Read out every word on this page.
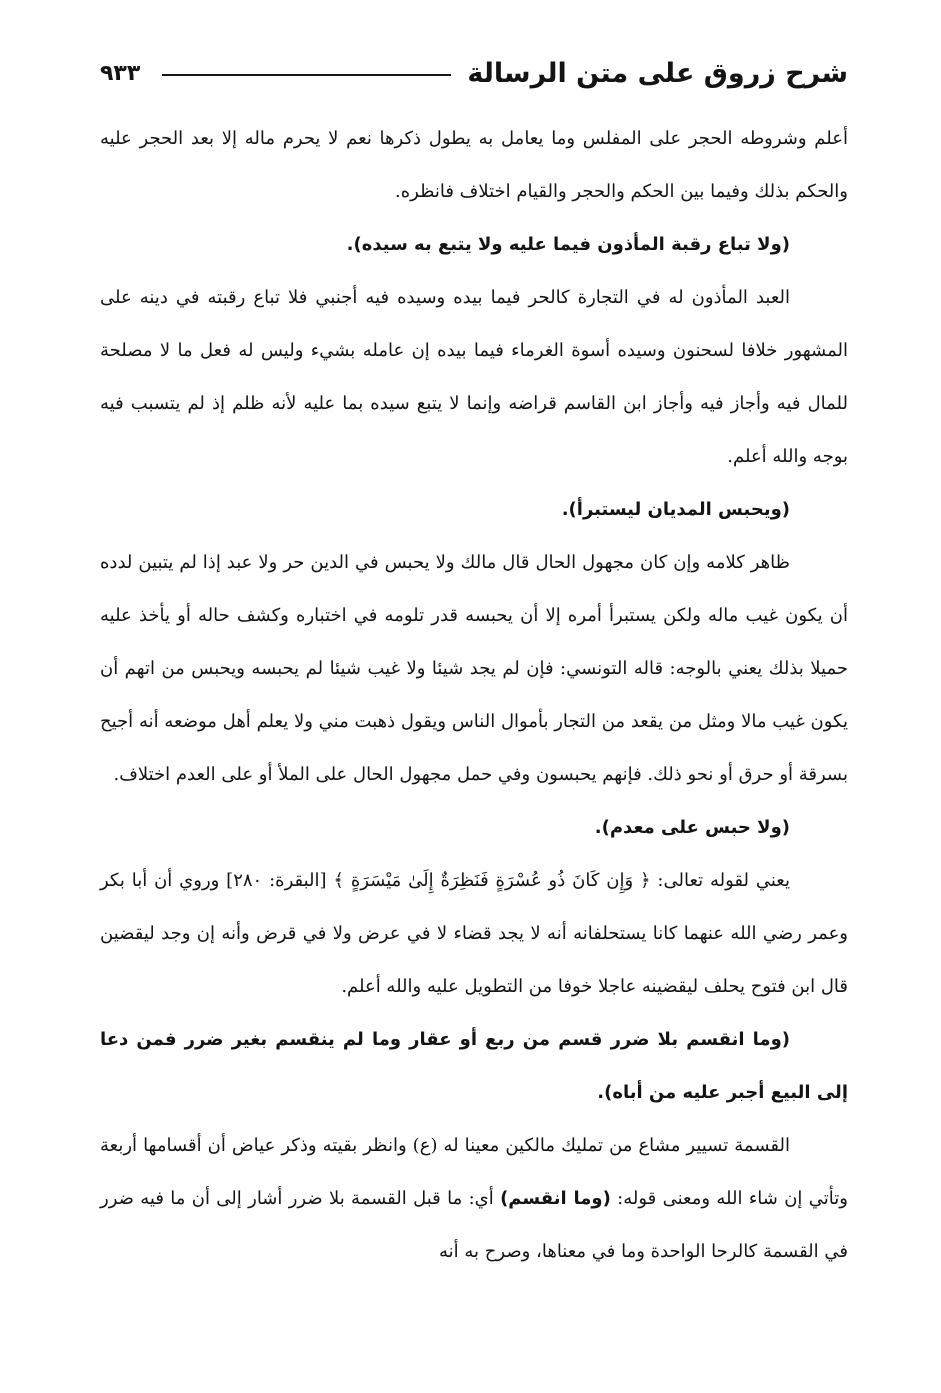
شرح زروق على متن الرسالة
٩٣٣

أعلم وشروطه الحجر على المفلس وما يعامل به يطول ذكرها نعم لا يحرم ماله إلا بعد الحجر عليه والحكم بذلك وفيما بين الحكم والحجر والقيام اختلاف فانظره.

(ولا تباع رقبة المأذون فيما عليه ولا يتبع به سيده).

العبد المأذون له في التجارة كالحر فيما بيده وسيده فيه أجنبي فلا تباع رقبته في دينه على المشهور خلافا لسحنون وسيده أسوة الغرماء فيما بيده إن عامله بشيء وليس له فعل ما لا مصلحة للمال فيه وأجاز فيه وأجاز ابن القاسم قراضه وإنما لا يتبع سيده بما عليه لأنه ظلم إذ لم يتسبب فيه بوجه والله أعلم.

(ويحبس المديان ليستبرأ).

ظاهر كلامه وإن كان مجهول الحال قال مالك ولا يحبس في الدين حر ولا عبد إذا لم يتبين لدده أن يكون غيب ماله ولكن يستبرأ أمره إلا أن يحبسه قدر تلومه في اختباره وكشف حاله أو يأخذ عليه حميلا بذلك يعني بالوجه: قاله التونسي: فإن لم يجد شيئا ولا غيب شيئا لم يحبسه ويحبس من اتهم أن يكون غيب مالا ومثل من يقعد من التجار بأموال الناس ويقول ذهبت مني ولا يعلم أهل موضعه أنه أجيح بسرقة أو حرق أو نحو ذلك. فإنهم يحبسون وفي حمل مجهول الحال على الملأ أو على العدم اختلاف.

(ولا حبس على معدم).

يعني لقوله تعالى: ﴿ وَإِن كَانَ ذُو عُسْرَةٍ فَنَظِرَةٌ إِلَىٰ مَيْسَرَةٍ ﴾ [البقرة: ٢٨٠] وروي أن أبا بكر وعمر رضي الله عنهما كانا يستحلفانه أنه لا يجد قضاء لا في عرض ولا في قرض وأنه إن وجد ليقضين قال ابن فتوح يحلف ليقضينه عاجلا خوفا من التطويل عليه والله أعلم.

(وما انقسم بلا ضرر قسم من ربع أو عقار وما لم ينقسم بغير ضرر فمن دعا إلى البيع أجبر عليه من أباه).

القسمة تسيير مشاع من تمليك مالكين معينا له (ع) وانظر بقيته وذكر عياض أن أقسامها أربعة وتأتي إن شاء الله ومعنى قوله: (وما انقسم) أي: ما قبل القسمة بلا ضرر أشار إلى أن ما فيه ضرر في القسمة كالرحا الواحدة وما في معناها، وصرح به أنه
